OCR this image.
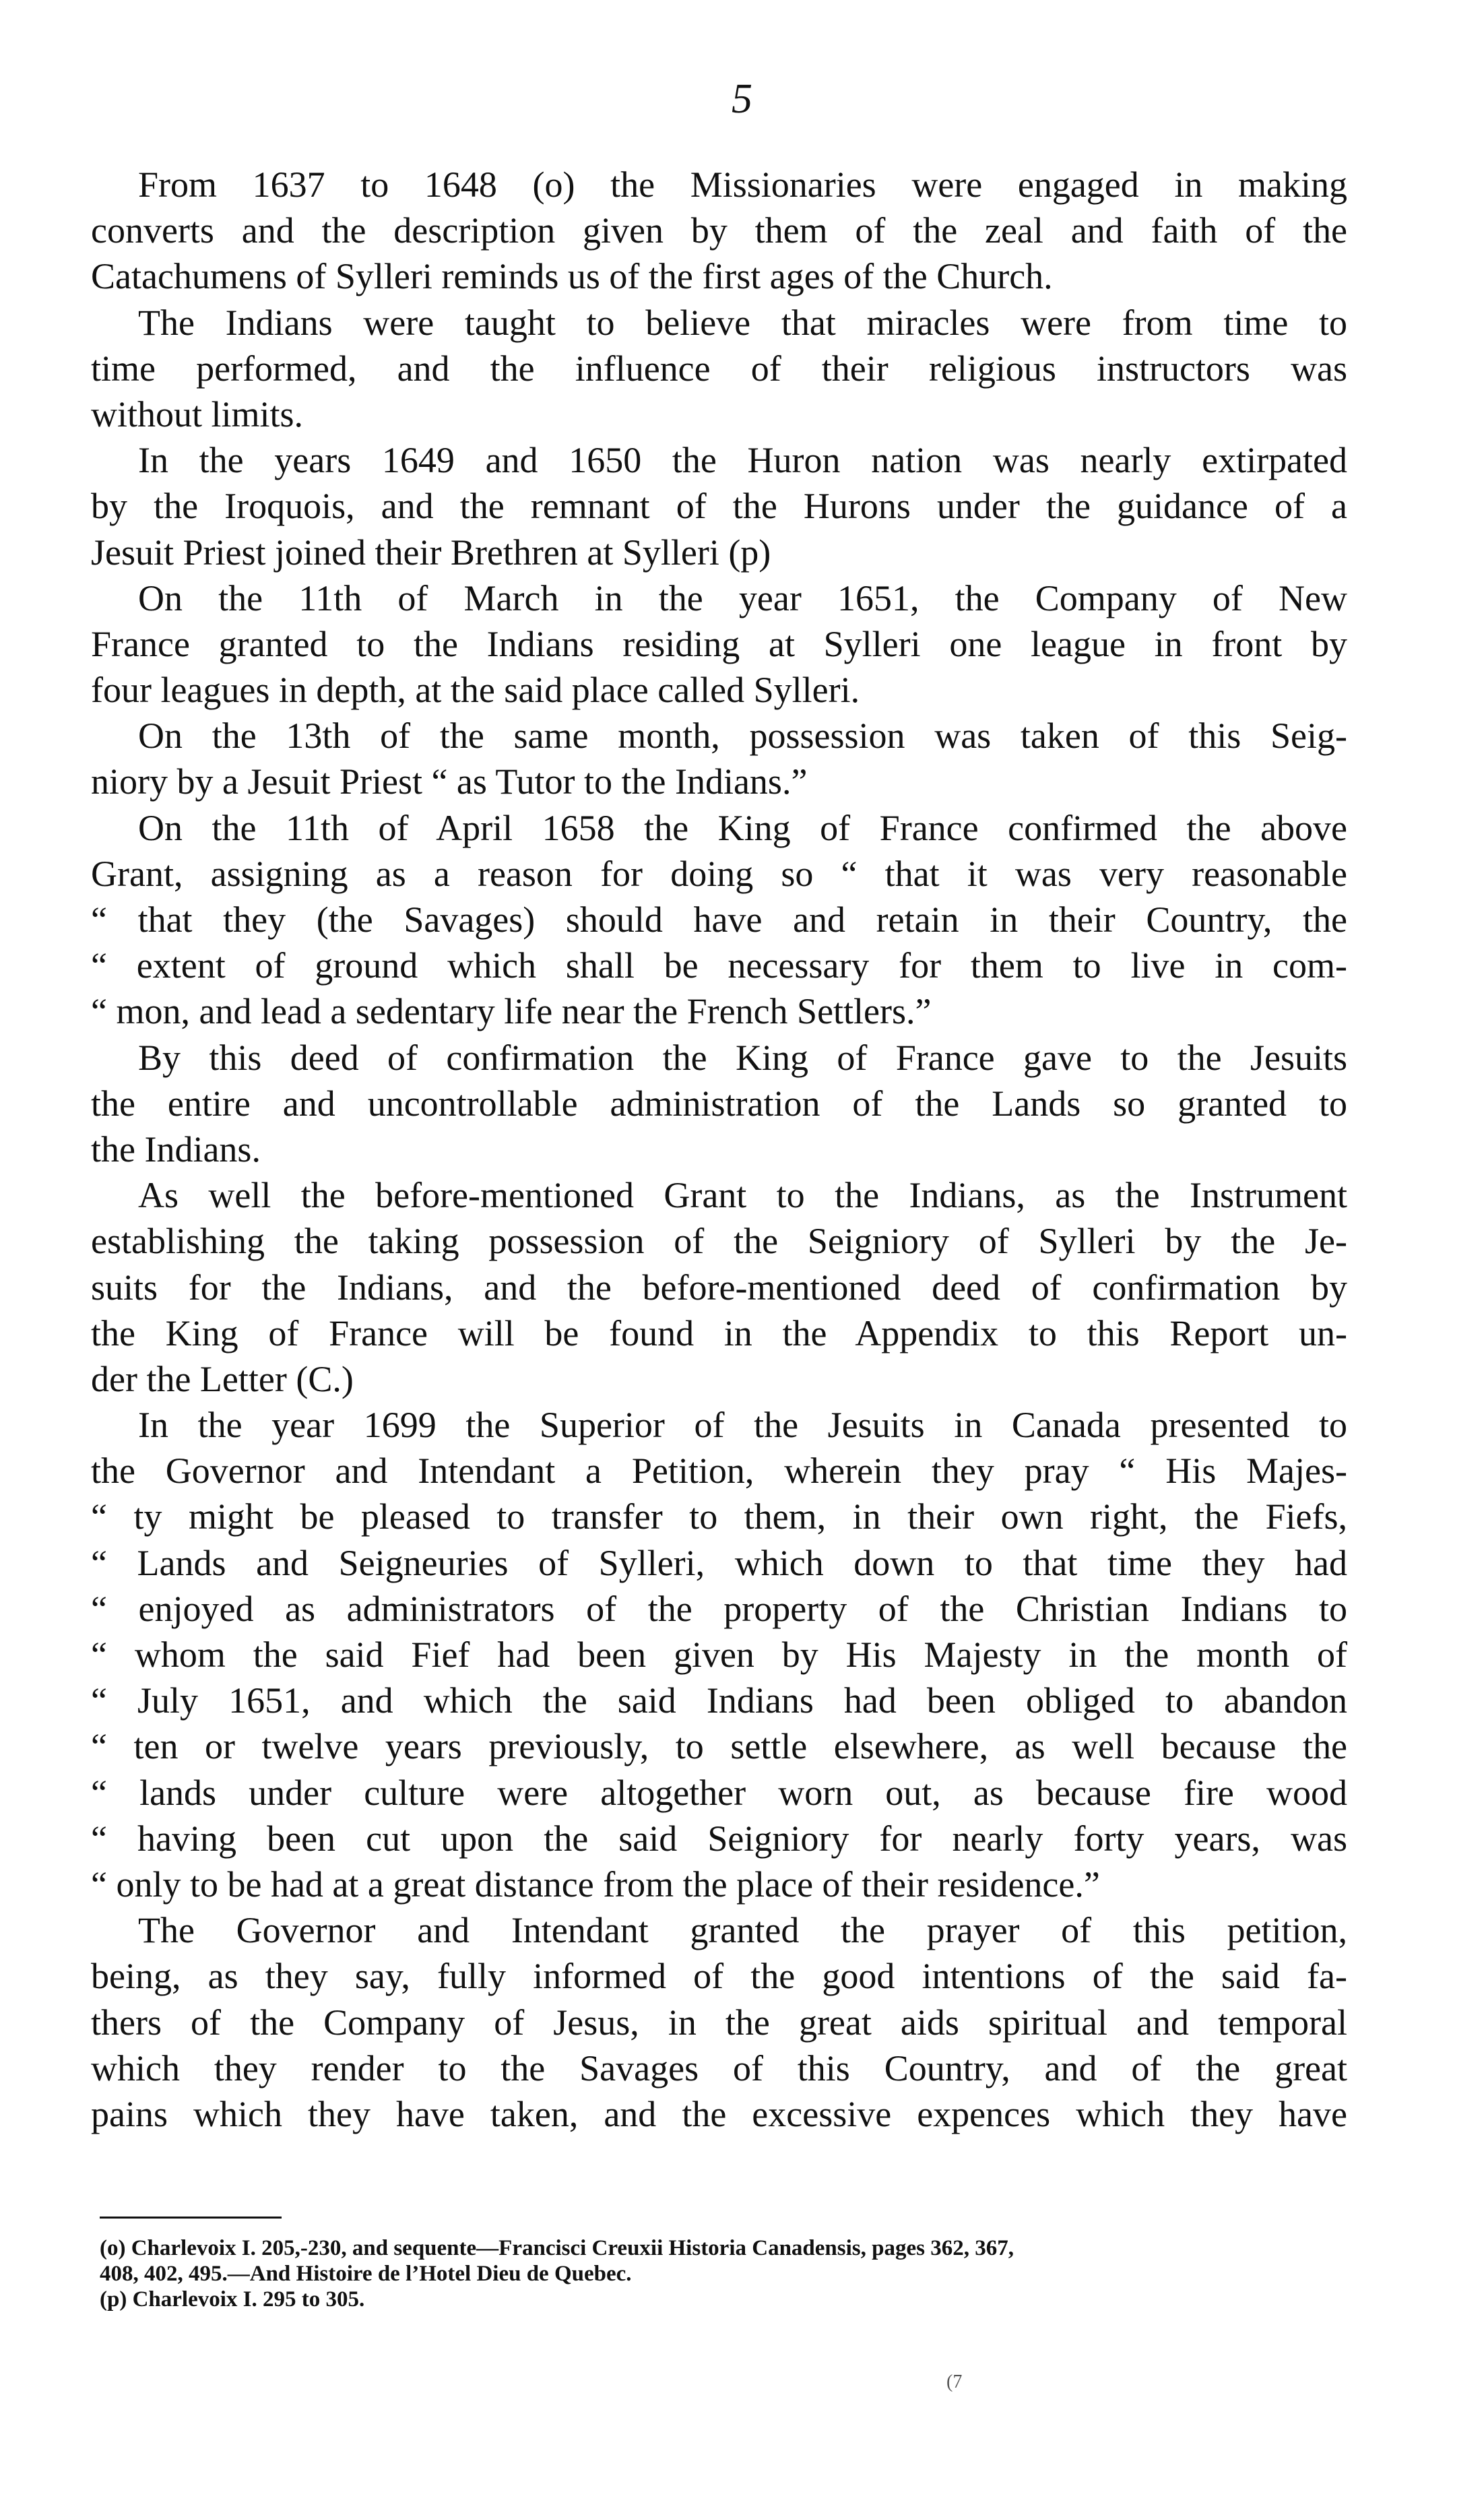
5
From 1637 to 1648 (o) the Missionaries were engaged in making
converts and the description given by them of the zeal and faith of the
Catachumens of Sylleri reminds us of the first ages of the Church.
The Indians were taught to believe that miracles were from time to
time performed, and the influence of their religious instructors was
without limits.
In the years 1649 and 1650 the Huron nation was nearly extirpated
by the Iroquois, and the remnant of the Hurons under the guidance of a
Jesuit Priest joined their Brethren at Sylleri (p)
On the 11th of March in the year 1651, the Company of New
France granted to the Indians residing at Sylleri one league in front by
four leagues in depth, at the said place called Sylleri.
On the 13th of the same month, possession was taken of this Seig-
niory by a Jesuit Priest “ as Tutor to the Indians.”
On the 11th of April 1658 the King of France confirmed the above
Grant, assigning as a reason for doing so “ that it was very reasonable
“ that they (the Savages) should have and retain in their Country, the
“ extent of ground which shall be necessary for them to live in com-
“ mon, and lead a sedentary life near the French Settlers.”
By this deed of confirmation the King of France gave to the Jesuits
the entire and uncontrollable administration of the Lands so granted to
the Indians.
As well the before-mentioned Grant to the Indians, as the Instrument
establishing the taking possession of the Seigniory of Sylleri by the Je-
suits for the Indians, and the before-mentioned deed of confirmation by
the King of France will be found in the Appendix to this Report un-
der the Letter (C.)
In the year 1699 the Superior of the Jesuits in Canada presented to
the Governor and Intendant a Petition, wherein they pray “ His Majes-
“ ty might be pleased to transfer to them, in their own right, the Fiefs,
“ Lands and Seigneuries of Sylleri, which down to that time they had
“ enjoyed as administrators of the property of the Christian Indians to
“ whom the said Fief had been given by His Majesty in the month of
“ July 1651, and which the said Indians had been obliged to abandon
“ ten or twelve years previously, to settle elsewhere, as well because the
“ lands under culture were altogether worn out, as because fire wood
“ having been cut upon the said Seigniory for nearly forty years, was
“ only to be had at a great distance from the place of their residence.”
The Governor and Intendant granted the prayer of this petition,
being, as they say, fully informed of the good intentions of the said fa-
thers of the Company of Jesus, in the great aids spiritual and temporal
which they render to the Savages of this Country, and of the great
pains which they have taken, and the excessive expences which they have
(o) Charlevoix I. 205,-230, and sequente—Francisci Creuxii Historia Canadensis, pages 362, 367,
408, 402, 495.—And Histoire de l’Hotel Dieu de Quebec.
(p) Charlevoix I. 295 to 305.
(7
